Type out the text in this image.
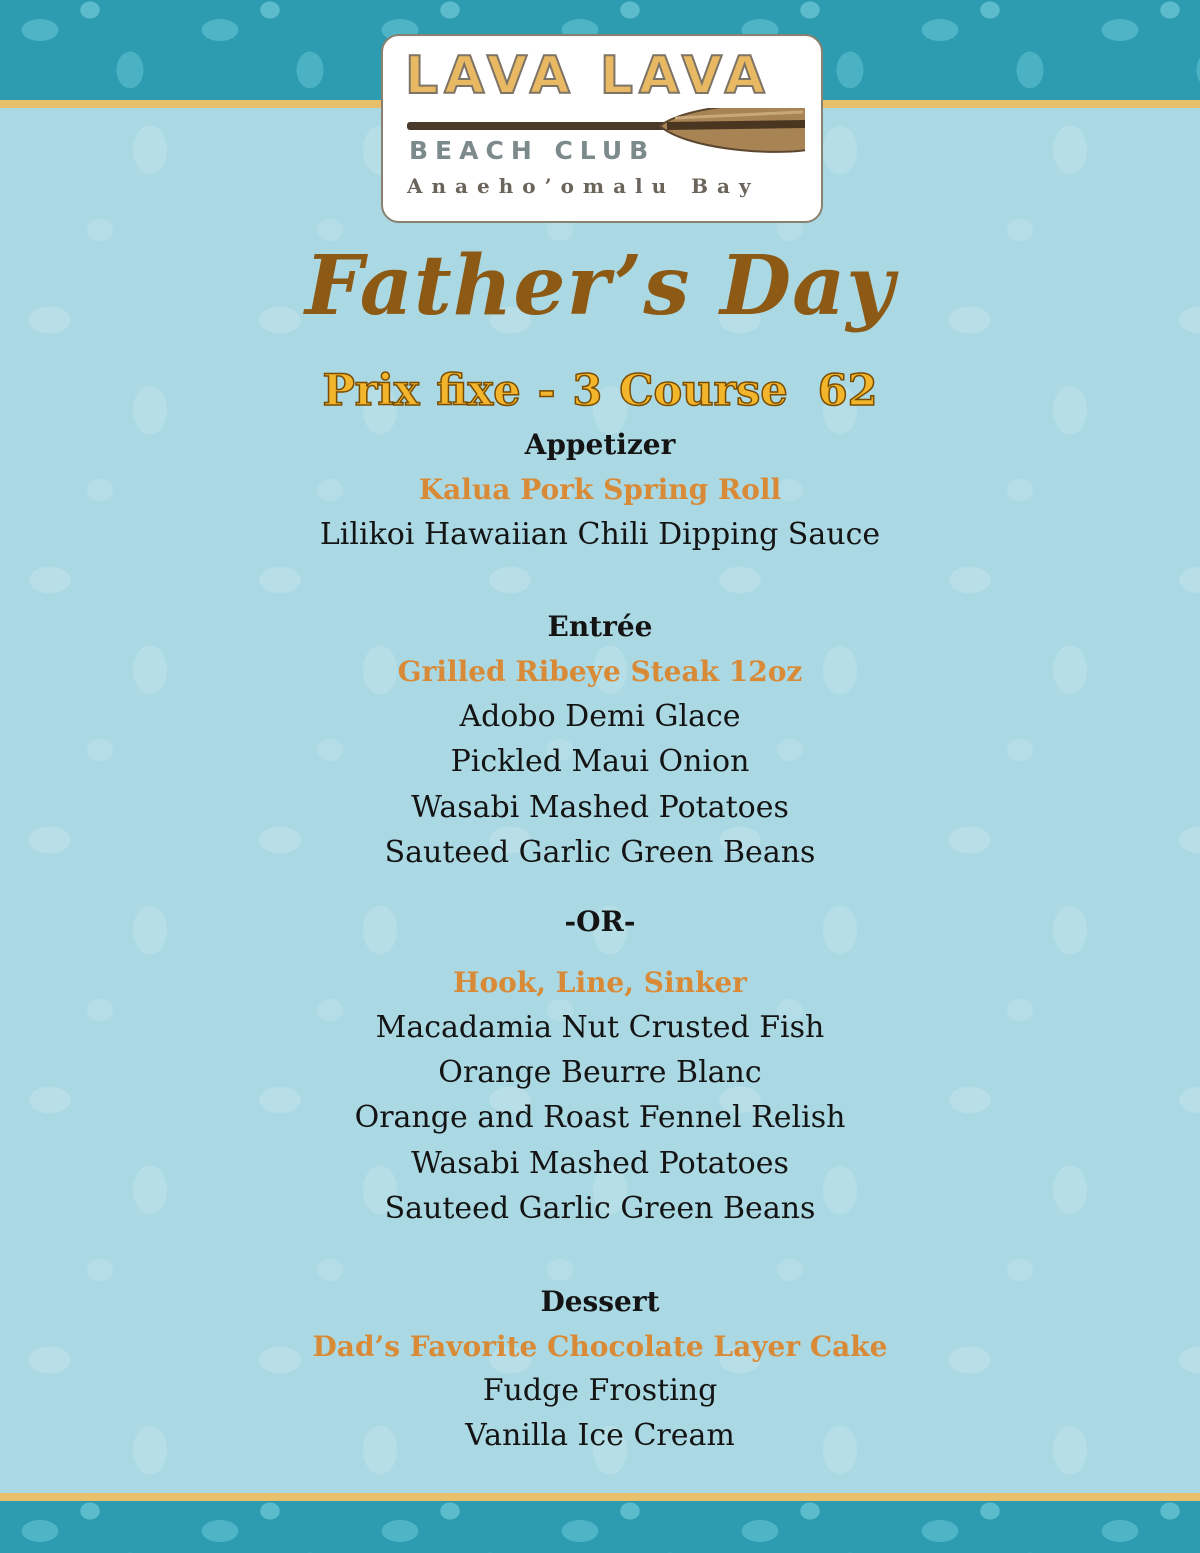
LAVA LAVA
BEACH CLUB
Anaeho’omalu Bay
Father’s Day
Prix fixe - 3 Course 62
Appetizer
Kalua Pork Spring Roll
Lilikoi Hawaiian Chili Dipping Sauce
Entrée
Grilled Ribeye Steak 12oz
Adobo Demi Glace
Pickled Maui Onion
Wasabi Mashed Potatoes
Sauteed Garlic Green Beans
-OR-
Hook, Line, Sinker
Macadamia Nut Crusted Fish
Orange Beurre Blanc
Orange and Roast Fennel Relish
Wasabi Mashed Potatoes
Sauteed Garlic Green Beans
Dessert
Dad’s Favorite Chocolate Layer Cake
Fudge Frosting
Vanilla Ice Cream
